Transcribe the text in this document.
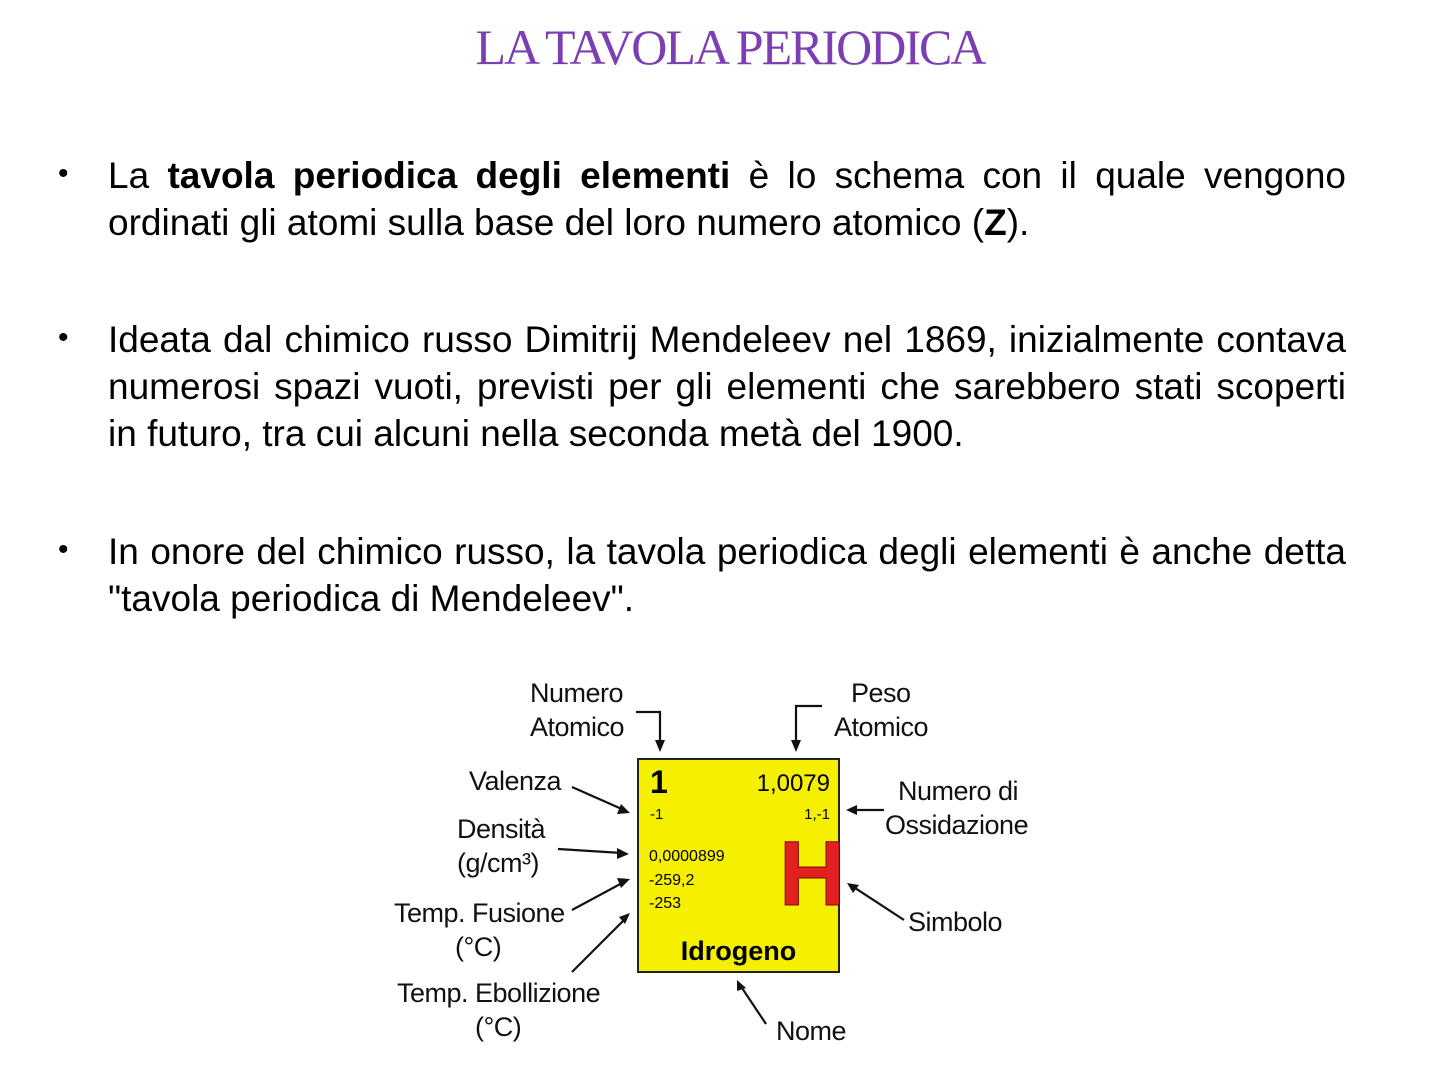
LA TAVOLA PERIODICA
• La tavola periodica degli elementi è lo schema con il quale vengono ordinati gli atomi sulla base del loro numero atomico (Z).
• Ideata dal chimico russo Dimitrij Mendeleev nel 1869, inizialmente contava numerosi spazi vuoti, previsti per gli elementi che sarebbero stati scoperti in futuro, tra cui alcuni nella seconda metà del 1900.
• In onore del chimico russo, la tavola periodica degli elementi è anche detta "tavola periodica di Mendeleev".
Numero
Atomico
Peso
Atomico
Valenza
Densità
(g/cm³)
Temp. Fusione
(°C)
Temp. Ebollizione
(°C)
Numero di
Ossidazione
Simbolo
Nome
1
-1
1,0079
1,-1
0,0000899
-259,2
-253 H
Idrogeno
